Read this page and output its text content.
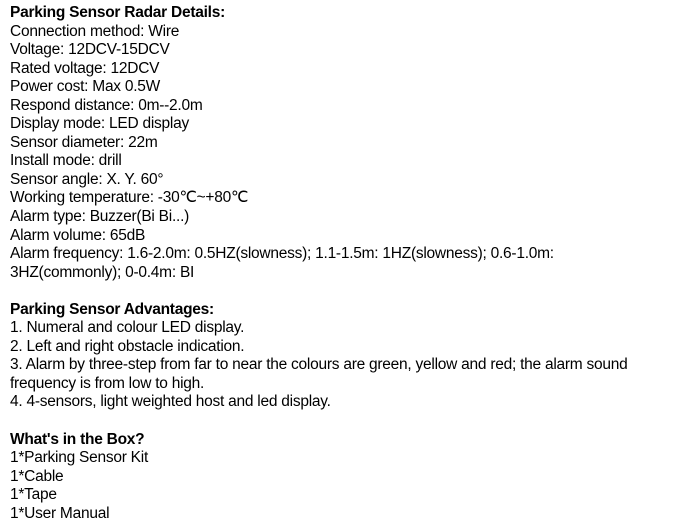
Parking Sensor Radar Details:

Connection method: Wire

Voltage: 12DCV-15DCV

Rated voltage: 12DCV

Power cost: Max 0.5W

Respond distance: 0m--2.0m

Display mode: LED display

Sensor diameter: 22m

Install mode: drill

Sensor angle: X. Y. 60°

Working temperature: -30℃~+80℃

Alarm type: Buzzer(Bi Bi...)

Alarm volume: 65dB

Alarm frequency: 1.6-2.0m: 0.5HZ(slowness); 1.1-1.5m: 1HZ(slowness); 0.6-1.0m: 3HZ(commonly); 0-0.4m: BI

Parking Sensor Advantages:

1. Numeral and colour LED display.

2. Left and right obstacle indication.

3. Alarm by three-step from far to near the colours are green, yellow and red; the alarm sound frequency is from low to high.

4. 4-sensors, light weighted host and led display.

What's in the Box?

1*Parking Sensor Kit

1*Cable

1*Tape

1*User Manual
